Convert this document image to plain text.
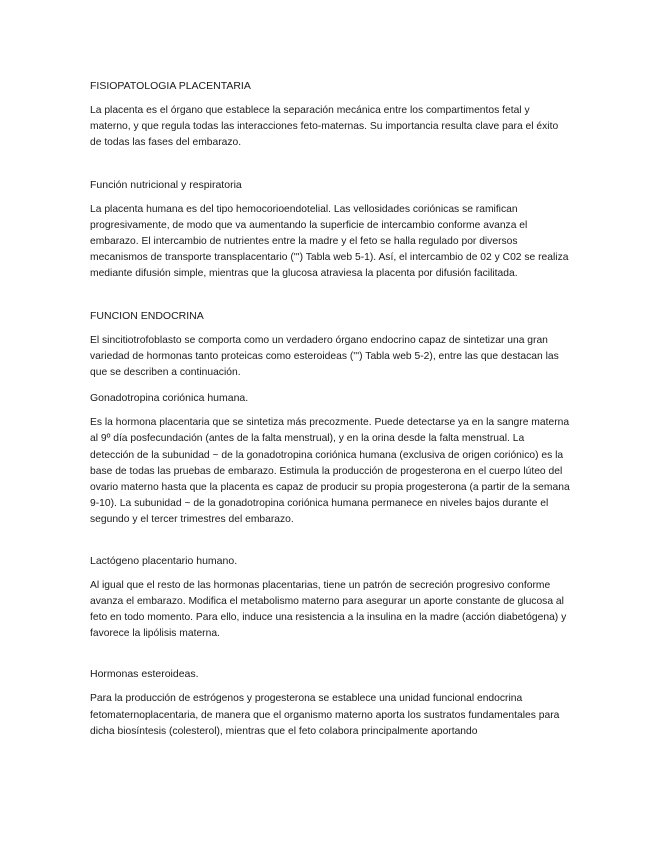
FISIOPATOLOGIA PLACENTARIA

La placenta es el órgano que establece la separación mecánica entre los compartimentos fetal y materno, y que regula todas las interacciones feto-maternas. Su importancia resulta clave para el éxito de todas las fases del embarazo.

Función nutricional y respiratoria

La placenta humana es del tipo hemocorioendotelial. Las vellosidades coriónicas se ramifican progresivamente, de modo que va aumentando la superficie de intercambio conforme avanza el embarazo. El intercambio de nutrientes entre la madre y el feto se halla regulado por diversos mecanismos de transporte transplacentario (''') Tabla web 5-1). Así, el intercambio de 02 y C02 se realiza mediante difusión simple, mientras que la glucosa atraviesa la placenta por difusión facilitada.

FUNCION ENDOCRINA

El sincitiotrofoblasto se comporta como un verdadero órgano endocrino capaz de sintetizar una gran variedad de hormonas tanto proteicas como esteroideas (''') Tabla web 5-2), entre las que destacan las que se describen a continuación.

Gonadotropina coriónica humana.

Es la hormona placentaria que se sintetiza más precozmente. Puede detectarse ya en la sangre materna al 9º día posfecundación (antes de la falta menstrual), y en la orina desde la falta menstrual. La detección de la subunidad ~ de la gonadotropina coriónica humana (exclusiva de origen coriónico) es la base de todas las pruebas de embarazo. Estimula la producción de progesterona en el cuerpo lúteo del ovario materno hasta que la placenta es capaz de producir su propia progesterona (a partir de la semana 9-10). La subunidad ~ de la gonadotropina coriónica humana permanece en niveles bajos durante el segundo y el tercer trimestres del embarazo.

Lactógeno placentario humano.

Al igual que el resto de las hormonas placentarias, tiene un patrón de secreción progresivo conforme avanza el embarazo. Modifica el metabolismo materno para asegurar un aporte constante de glucosa al feto en todo momento. Para ello, induce una resistencia a la insulina en la madre (acción diabetógena) y favorece la lipólisis materna.

Hormonas esteroideas.

Para la producción de estrógenos y progesterona se establece una unidad funcional endocrina fetomaternoplacentaria, de manera que el organismo materno aporta los sustratos fundamentales para dicha biosíntesis (colesterol), mientras que el feto colabora principalmente aportando
